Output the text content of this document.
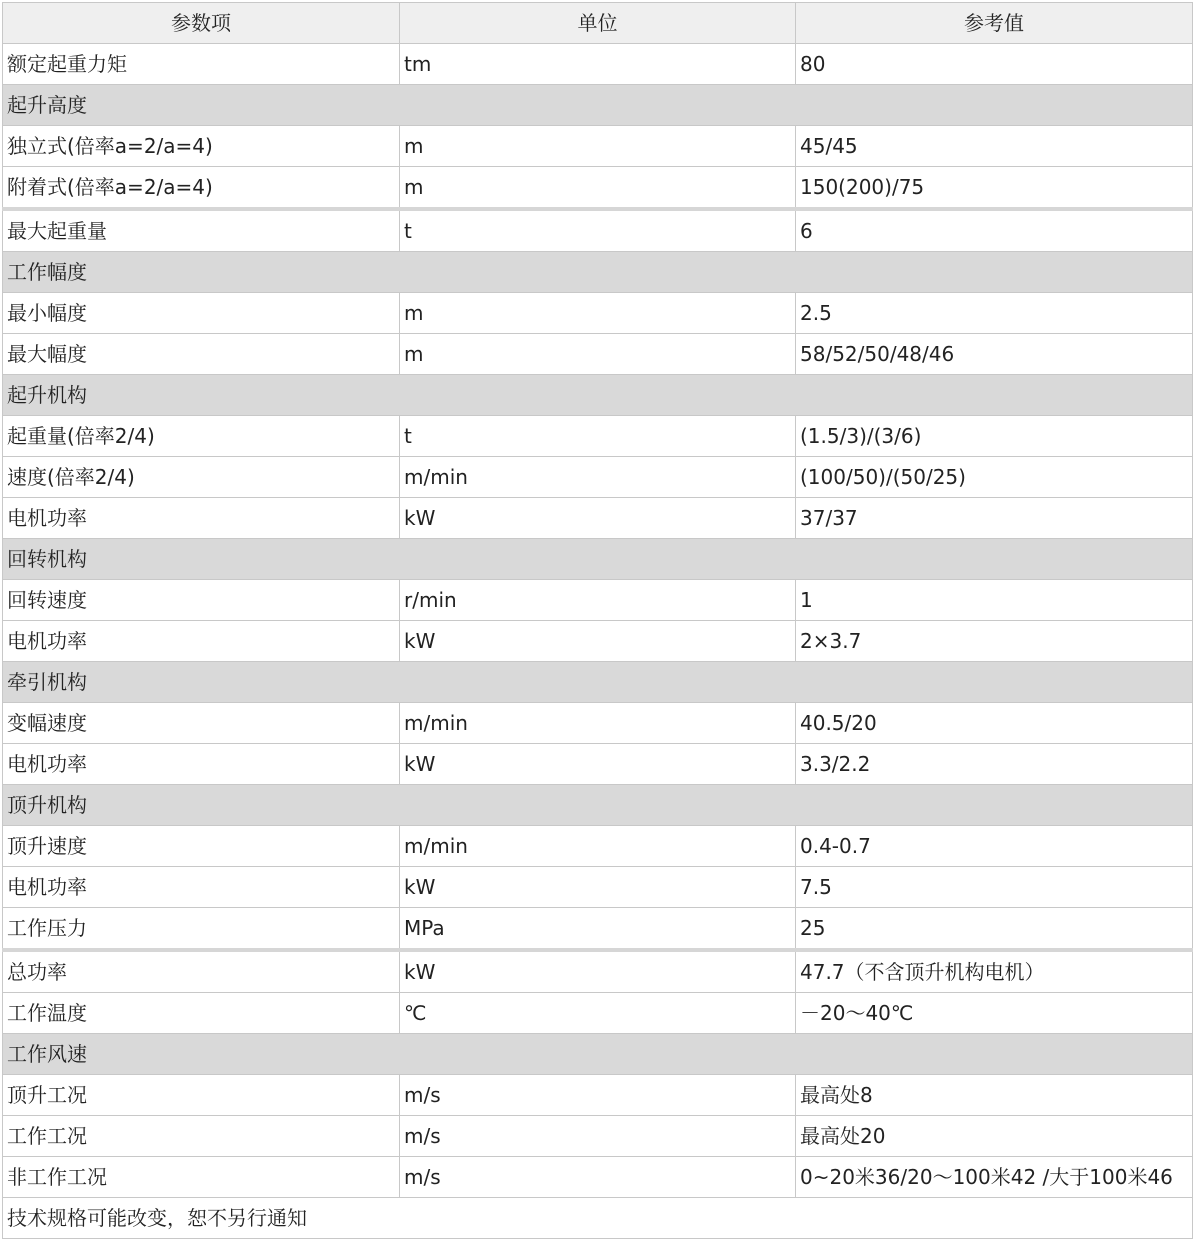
参数项	单位	参考值
额定起重力矩	tm	80
起升高度		
独立式(倍率a=2/a=4)	m	45/45
附着式(倍率a=2/a=4)	m	150(200)/75
最大起重量	t	6
工作幅度		
最小幅度	m	2.5
最大幅度	m	58/52/50/48/46
起升机构		
起重量(倍率2/4)	t	(1.5/3)/(3/6)
速度(倍率2/4)	m/min	(100/50)/(50/25)
电机功率	kW	37/37
回转机构		
回转速度	r/min	1
电机功率	kW	2×3.7
牵引机构		
变幅速度	m/min	40.5/20
电机功率	kW	3.3/2.2
顶升机构		
顶升速度	m/min	0.4-0.7
电机功率	kW	7.5
工作压力	MPa	25
总功率	kW	47.7（不含顶升机构电机）
工作温度	℃	－20～40℃
工作风速		
顶升工况	m/s	最高处8
工作工况	m/s	最高处20
非工作工况	m/s	0~20米36/20～100米42 /大于100米46
技术规格可能改变，恕不另行通知		
